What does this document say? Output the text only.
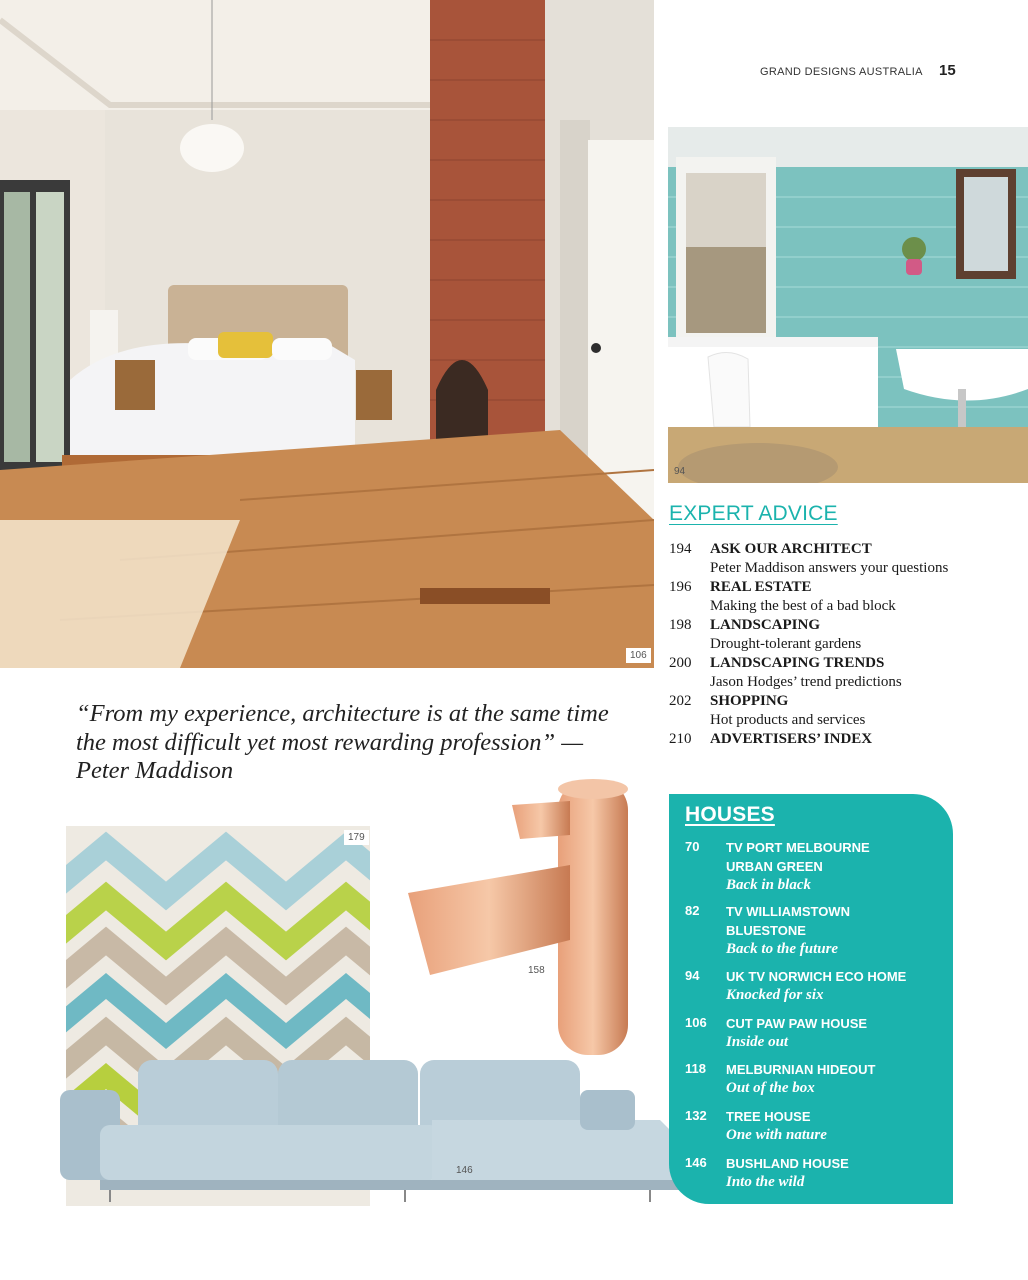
GRAND DESIGNS AUSTRALIA 15
106
94
EXPERT ADVICE
194	ASK OUR ARCHITECT
Peter Maddison answers your questions
196	REAL ESTATE
Making the best of a bad block
198	LANDSCAPING
Drought-tolerant gardens
200	LANDSCAPING TRENDS
Jason Hodges’ trend predictions
202	SHOPPING
Hot products and services
210	ADVERTISERS’ INDEX
“From my experience, architecture is at the same time the most difficult yet most rewarding profession” — Peter Maddison
179
158
146
HOUSES
70	TV PORT MELBOURNE URBAN GREEN
Back in black
82	TV WILLIAMSTOWN BLUESTONE
Back to the future
94	UK TV NORWICH ECO HOME
Knocked for six
106	CUT PAW PAW HOUSE
Inside out
118	MELBURNIAN HIDEOUT
Out of the box
132	TREE HOUSE
One with nature
146	BUSHLAND HOUSE
Into the wild
